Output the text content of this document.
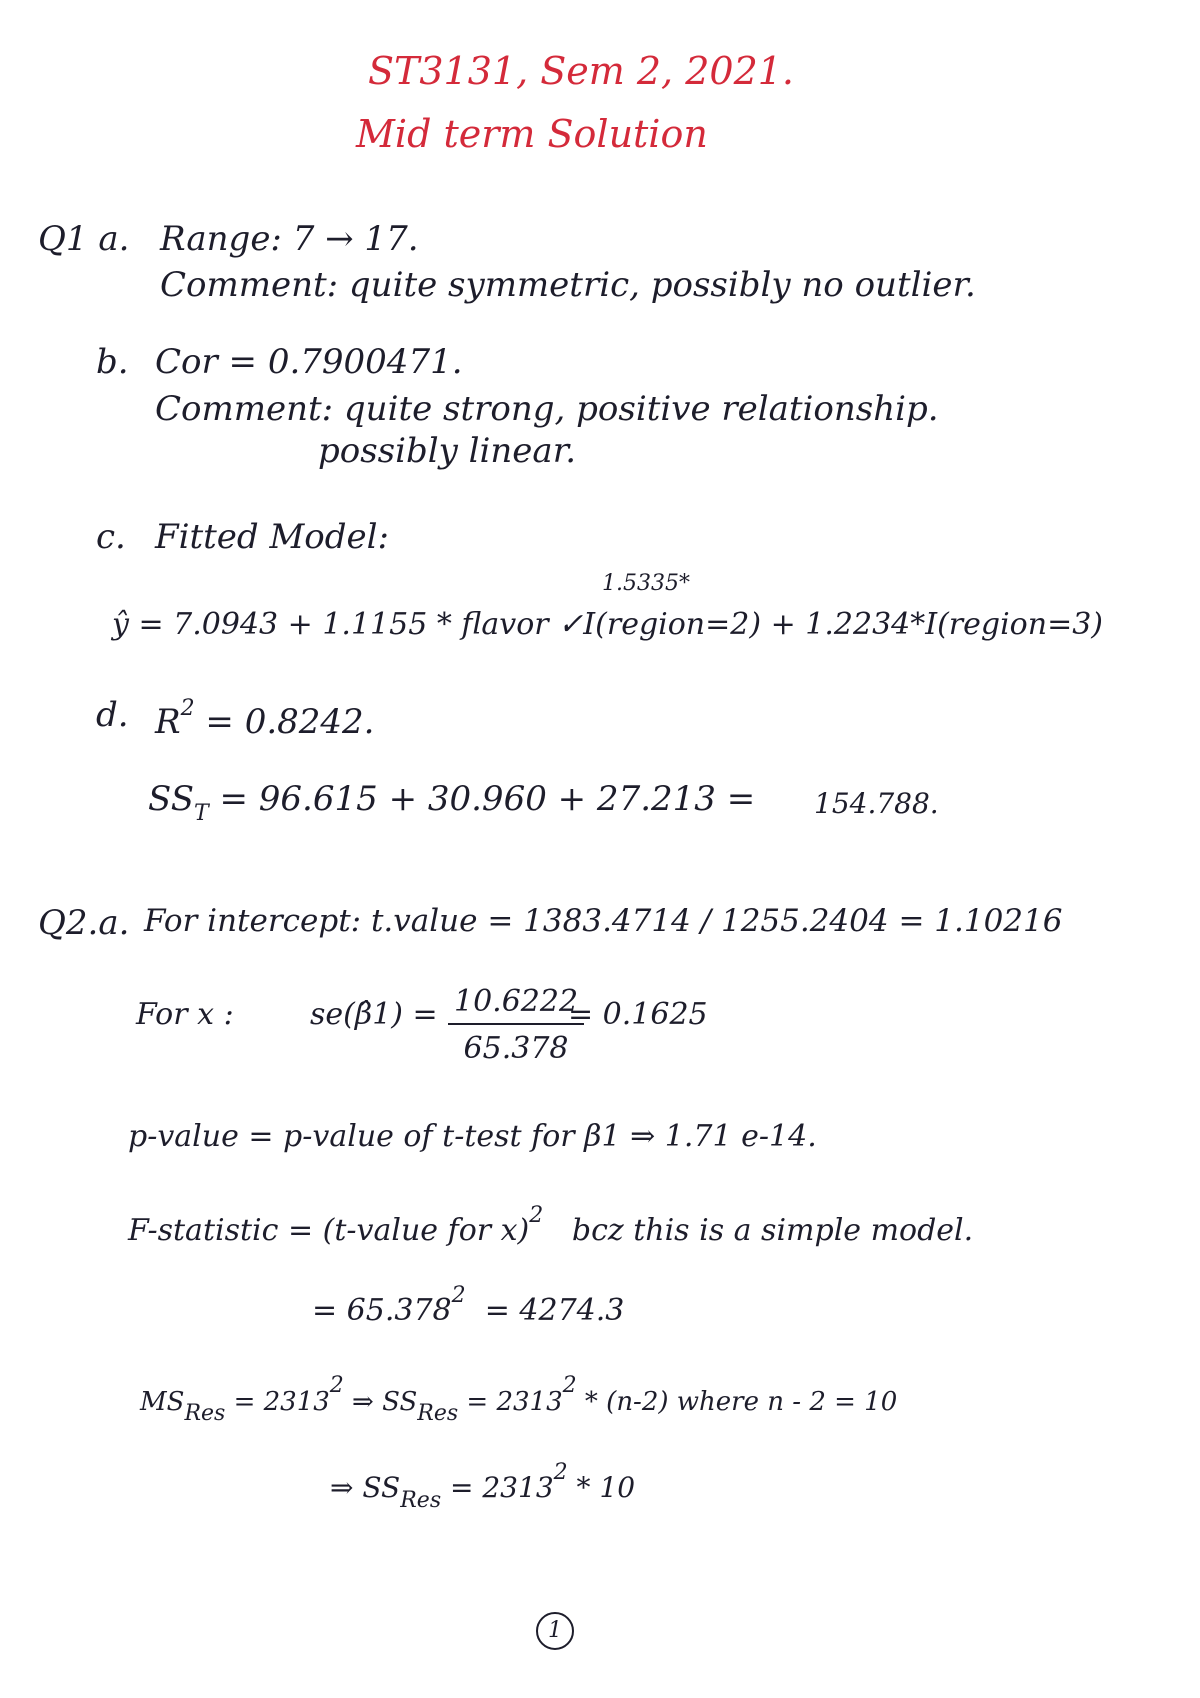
ST3131, Sem 2, 2021.
Mid term Solution
Q1 a. Range: 7 → 17.
Comment: quite symmetric, possibly no outlier.
b. Cor = 0.7900471.
Comment: quite strong, positive relationship.
possibly linear.
c. Fitted Model:
1.5335*
ŷ = 7.0943 + 1.1155 * flavor ✓I(region=2) + 1.2234*I(region=3)
d. $R^2 = 0.8242$.
$SS_T = 96.615 + 30.960 + 27.213 = 154.788$.
Q2.a. For intercept: t.value = 1383.4714 / 1255.2404 = 1.10216
For x :	se(β̂1) = 10.6222
65.378
= 0.1625
p-value = p-value of t-test for β1 ⇒ 1.71 e-14.
F-statistic = (t-value for x)$^2$ bcz this is a simple model.
= $65.378^2 = 4274.3$
$MS_{Res} = 2313^2$ ⇒ $SS_{Res} = 2313^2 * (n-2)$ where n - 2 = 10
⇒ $SS_{Res} = 2313^2 * 10$
1
